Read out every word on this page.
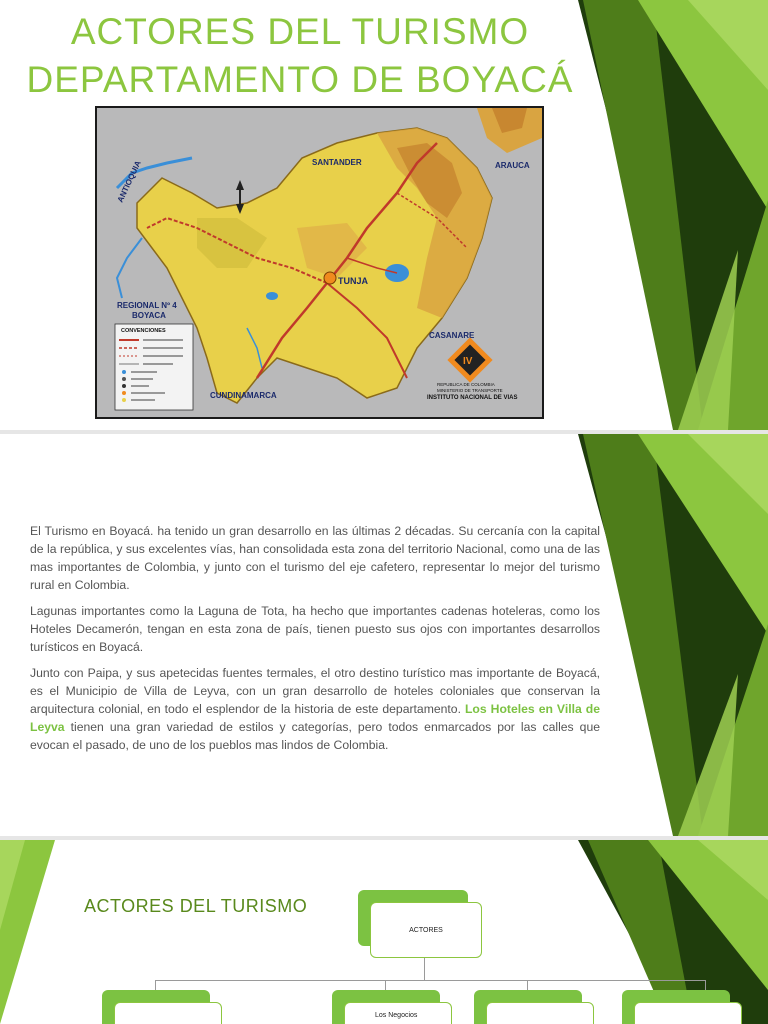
ACTORES DEL TURISMO
DEPARTAMENTO DE BOYACÁ
ANTIOQUIA	SANTANDER	ARAUCA
CASANARE
CUNDINAMARCA
TUNJA
REGIONAL Nº 4
BOYACA
CONVENCIONES
IV
REPUBLICA DE COLOMBIA
MINISTERIO DE TRANSPORTE
INSTITUTO NACIONAL DE VIAS

El Turismo en Boyacá. ha tenido un gran desarrollo en las últimas 2 décadas. Su cercanía con la capital de la república, y sus excelentes vías, han consolidada esta zona del territorio Nacional, como una de las mas importantes de Colombia, y junto con el turismo del eje cafetero, representar lo mejor del turismo rural en Colombia.

Lagunas importantes como la Laguna de Tota, ha hecho que importantes cadenas hoteleras, como los Hoteles Decamerón, tengan en esta zona de país, tienen puesto sus ojos con importantes desarrollos turísticos en Boyacá.

Junto con Paipa, y sus apetecidas fuentes termales, el otro destino turístico mas importante de Boyacá, es el Municipio de Villa de Leyva, con un gran desarrollo de hoteles coloniales que conservan la arquitectura colonial, en todo el esplendor de la historia de este departamento. Los Hoteles en Villa de Leyva tienen una gran variedad de estilos y categorías, pero todos enmarcados por las calles que evocan el pasado, de uno de los pueblos mas lindos de Colombia.

ACTORES DEL TURISMO
ACTORES
Los Negocios
